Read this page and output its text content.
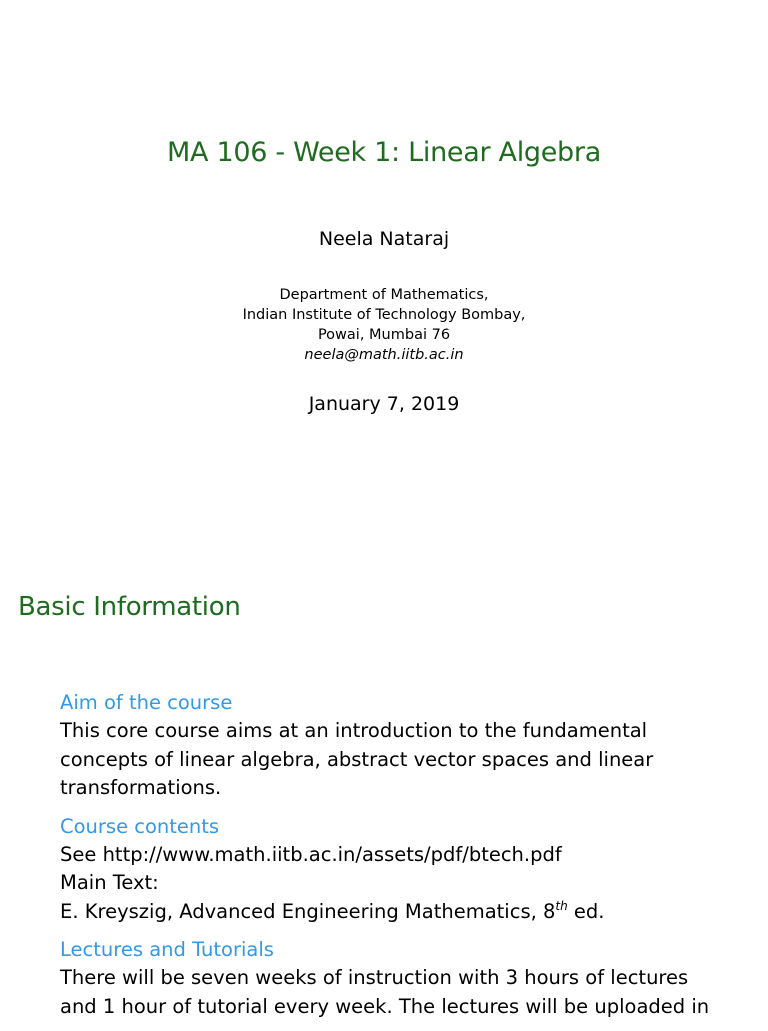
MA 106 - Week 1: Linear Algebra
Neela Nataraj
Department of Mathematics,
Indian Institute of Technology Bombay,
Powai, Mumbai 76
neela@math.iitb.ac.in
January 7, 2019
Basic Information
Aim of the course
This core course aims at an introduction to the fundamental
concepts of linear algebra, abstract vector spaces and linear
transformations.
Course contents
See http://www.math.iitb.ac.in/assets/pdf/btech.pdf
Main Text:
E. Kreyszig, Advanced Engineering Mathematics, 8th ed.
Lectures and Tutorials
There will be seven weeks of instruction with 3 hours of lectures
and 1 hour of tutorial every week. The lectures will be uploaded in
